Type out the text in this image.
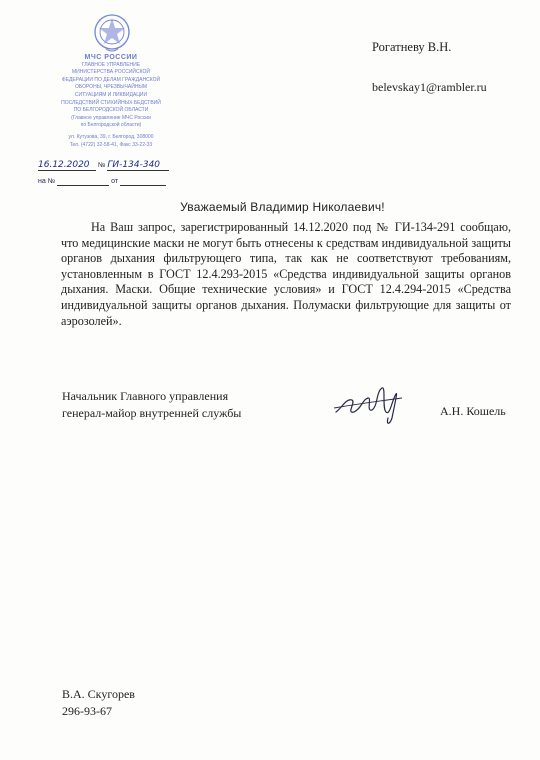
МЧС РОССИИ
ГЛАВНОЕ УПРАВЛЕНИЕ
МИНИСТЕРСТВА РОССИЙСКОЙ
ФЕДЕРАЦИИ ПО ДЕЛАМ ГРАЖДАНСКОЙ
ОБОРОНЫ, ЧРЕЗВЫЧАЙНЫМ
СИТУАЦИЯМ И ЛИКВИДАЦИИ
ПОСЛЕДСТВИЙ СТИХИЙНЫХ БЕДСТВИЙ
ПО БЕЛГОРОДСКОЙ ОБЛАСТИ
(Главное управление МЧС России
по Белгородской области)
ул. Кутузова, 39, г. Белгород, 308000
Тел. (4722) 32-58-41, Факс 33-22-33
16.12.2020 № ГИ-134-340
на №	от
Рогатневу В.Н.
belevskay1@rambler.ru
Уважаемый Владимир Николаевич!
На Ваш запрос, зарегистрированный 14.12.2020 под № ГИ-134-291 сообщаю, что медицинские маски не могут быть отнесены к средствам индивидуальной защиты органов дыхания фильтрующего типа, так как не соответствуют требованиям, установленным в ГОСТ 12.4.293-2015 «Средства индивидуальной защиты органов дыхания. Маски. Общие технические условия» и ГОСТ 12.4.294-2015 «Средства индивидуальной защиты органов дыхания. Полумаски фильтрующие для защиты от аэрозолей».
Начальник Главного управления
генерал-майор внутренней службы	А.Н. Кошель
В.А. Скугорев
296-93-67
